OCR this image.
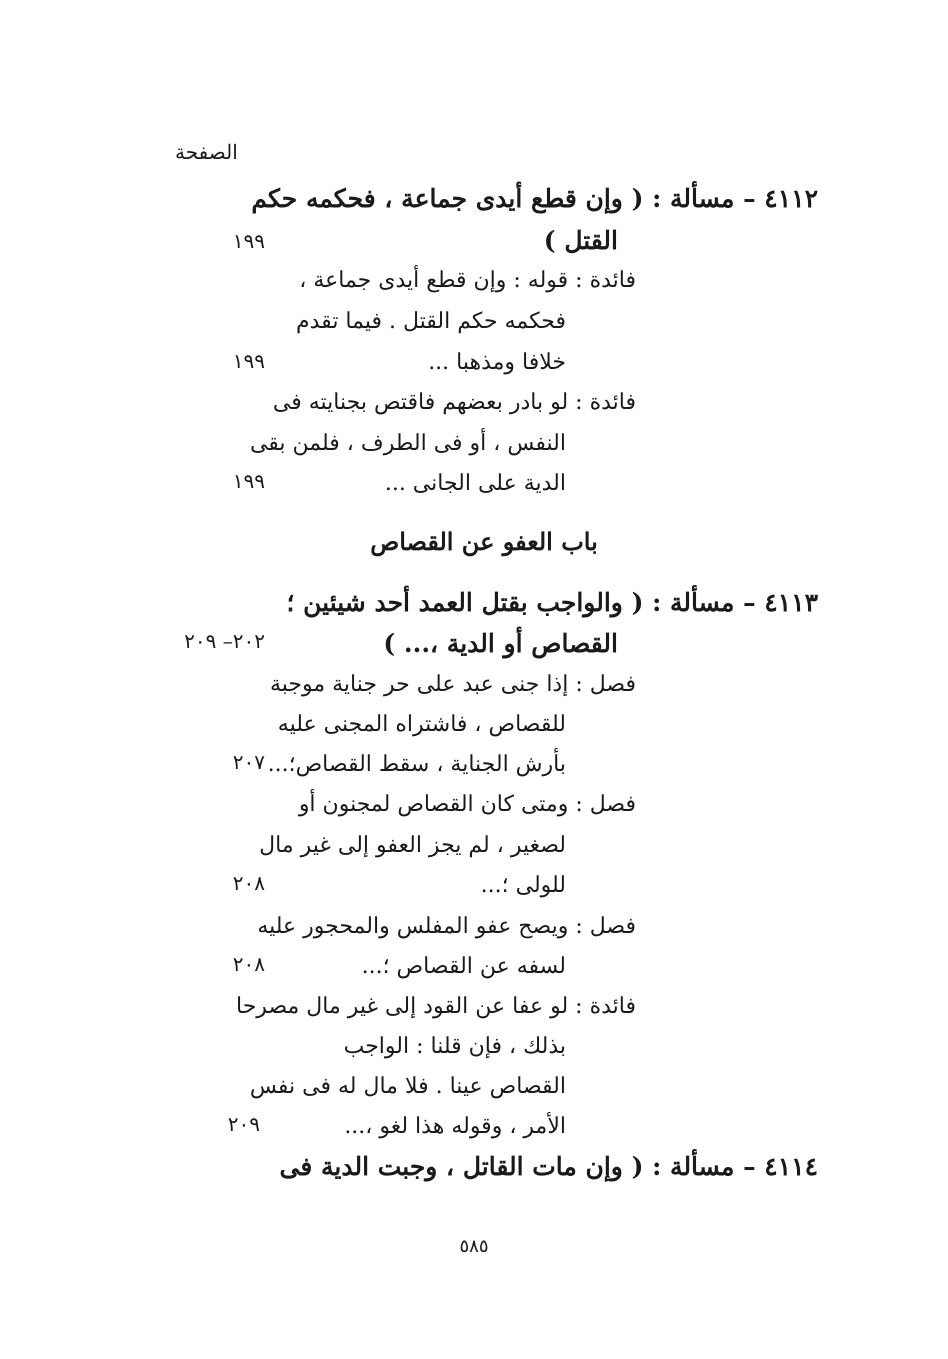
الصفحة
٤١١٢ – مسألة : ( وإن قطع أيدى جماعة ، فحكمه حكم
القتل )
١٩٩
فائدة : قوله : وإن قطع أيدى جماعة ،
فحكمه حكم القتل . فيما تقدم
خلافا ومذهبا ...
١٩٩
فائدة : لو بادر بعضهم فاقتص بجنايته فى
النفس ، أو فى الطرف ، فلمن بقى
الدية على الجانى ...
١٩٩
باب العفو عن القصاص
٤١١٣ – مسألة : ( والواجب بقتل العمد أحد شيئين ؛
القصاص أو الدية ،... )
٢٠٢– ٢٠٩
فصل : إذا جنى عبد على حر جناية موجبة
للقصاص ، فاشتراه المجنى عليه
بأرش الجناية ، سقط القصاص؛...
٢٠٧
فصل : ومتى كان القصاص لمجنون أو
لصغير ، لم يجز العفو إلى غير مال
للولى ؛...
٢٠٨
فصل : ويصح عفو المفلس والمحجور عليه
لسفه عن القصاص ؛...
٢٠٨
فائدة : لو عفا عن القود إلى غير مال مصرحا
بذلك ، فإن قلنا : الواجب
القصاص عينا . فلا مال له فى نفس
الأمر ، وقوله هذا لغو ،...
٢٠٩
٤١١٤ – مسألة : ( وإن مات القاتل ، وجبت الدية فى
٥٨٥
